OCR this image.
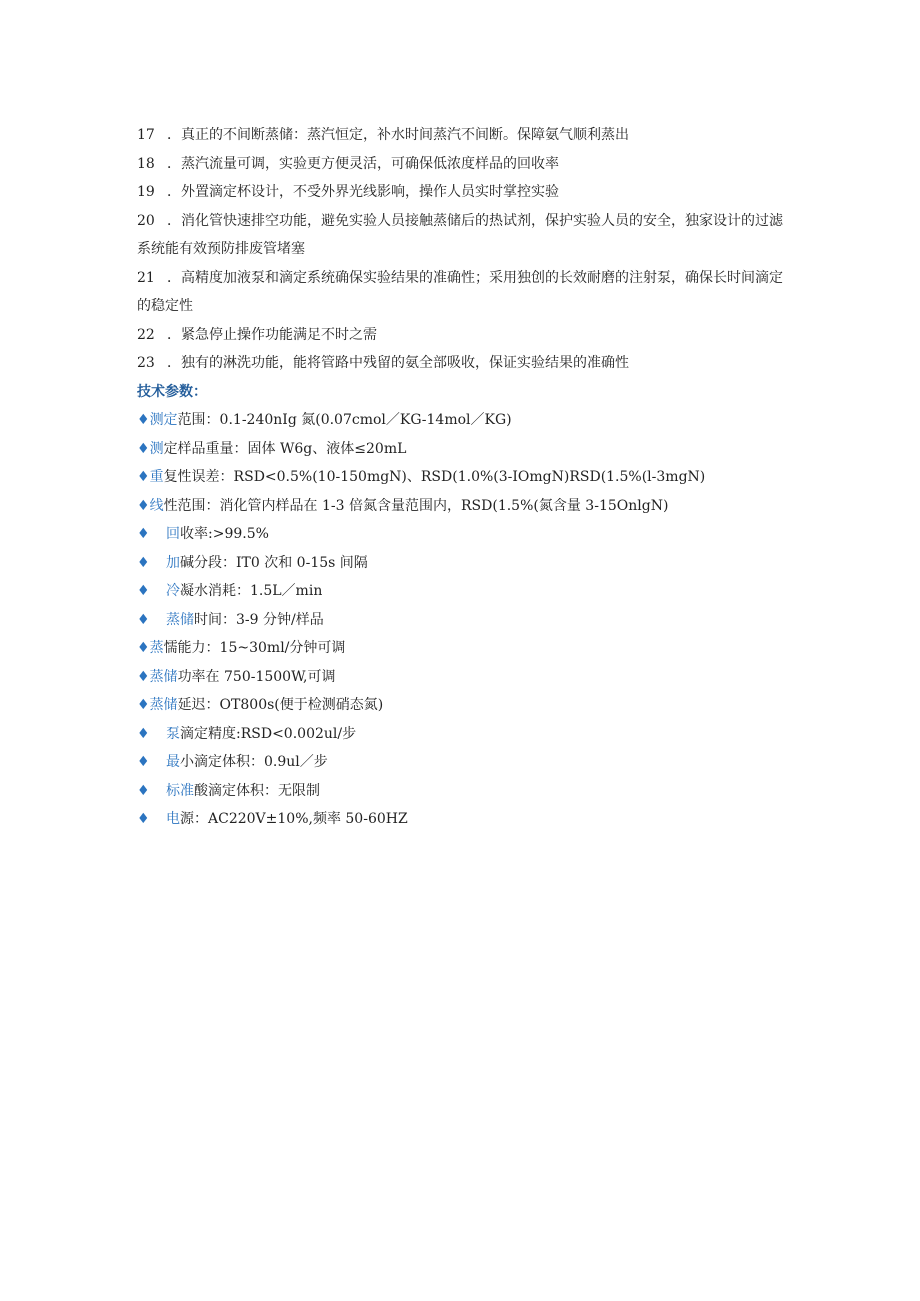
17 ．真正的不间断蒸储：蒸汽恒定，补水时间蒸汽不间断。保障氨气顺利蒸出

18 ．蒸汽流量可调，实验更方便灵活，可确保低浓度样品的回收率

19 ．外置滴定杯设计，不受外界光线影响，操作人员实时掌控实验

20 ．消化管快速排空功能，避免实验人员接触蒸储后的热试剂，保护实验人员的安全，独家设计的过滤系统能有效预防排废管堵塞

21 ．高精度加液泵和滴定系统确保实验结果的准确性；采用独创的长效耐磨的注射泵，确保长时间滴定的稳定性

22 ．紧急停止操作功能满足不时之需

23 ．独有的淋洗功能，能将管路中残留的氨全部吸收，保证实验结果的准确性

技术参数：

♦测定范围：0.1-240nIg 氮(0.07cmol／KG-14mol／KG)

♦测定样品重量：固体 W6g、液体≤20mL

♦重复性误差：RSD<0.5%(10-150mgN)、RSD(1.0%(3-IOmgN)RSD(1.5%(l-3mgN)

♦线性范围：消化管内样品在 1-3 倍氮含量范围内，RSD(1.5%(氮含量 3-15OnlgN)

♦ 回收率:>99.5%

♦ 加碱分段：IT0 次和 0-15s 间隔

♦ 冷凝水消耗：1.5L／min

♦ 蒸储时间：3-9 分钟/样品

♦蒸懦能力：15~30ml/分钟可调

♦蒸储功率在 750-1500W,可调

♦蒸储延迟：OT800s(便于检测硝态氮)

♦ 泵滴定精度:RSD<0.002ul/步

♦ 最小滴定体积：0.9ul／步

♦ 标准酸滴定体积：无限制

♦ 电源：AC220V±10%,频率 50-60HZ
